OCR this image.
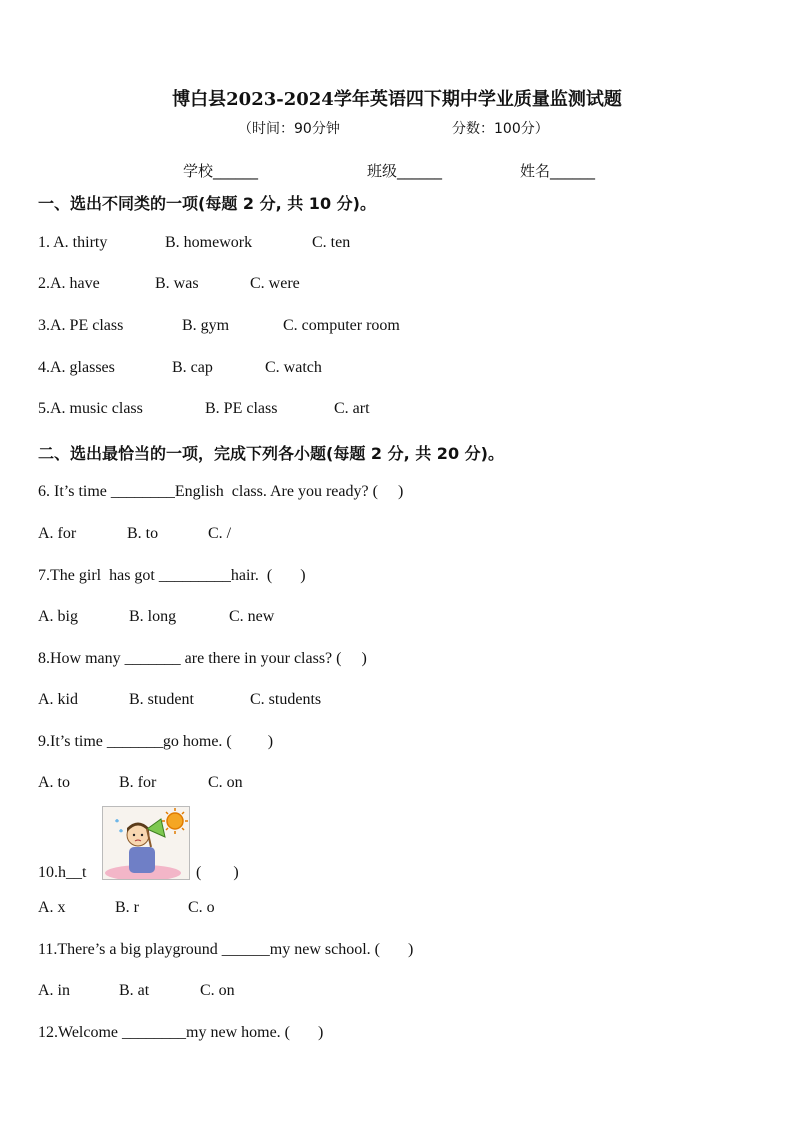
博白县2023-2024学年英语四下期中学业质量监测试题
（时间：90分钟	分数：100分）
学校______	班级______	姓名______
一、选出不同类的一项(每题 2 分, 共 10 分)。
1. A. thirty	B. homework	C. ten
2.A. have	B. was	C. were
3.A. PE class	B. gym	C. computer room
4.A. glasses	B. cap	C. watch
5.A. music class	B. PE class	C. art
二、选出最恰当的一项，完成下列各小题(每题 2 分, 共 20 分)。
6. It’s time ________English  class. Are you ready? (     )
A. for	B. to	C. /
7.The girl  has got _________hair.  (       )
A. big	B. long	C. new
8.How many _______ are there in your class? (     )
A. kid	B. student	C. students
9.It’s time _______go home. (         )
A. to	B. for	C. on
10.h__t	(        )
A. x	B. r	C. o
11.There’s a big playground ______my new school. (       )
A. in	B. at	C. on
12.Welcome ________my new home. (       )
